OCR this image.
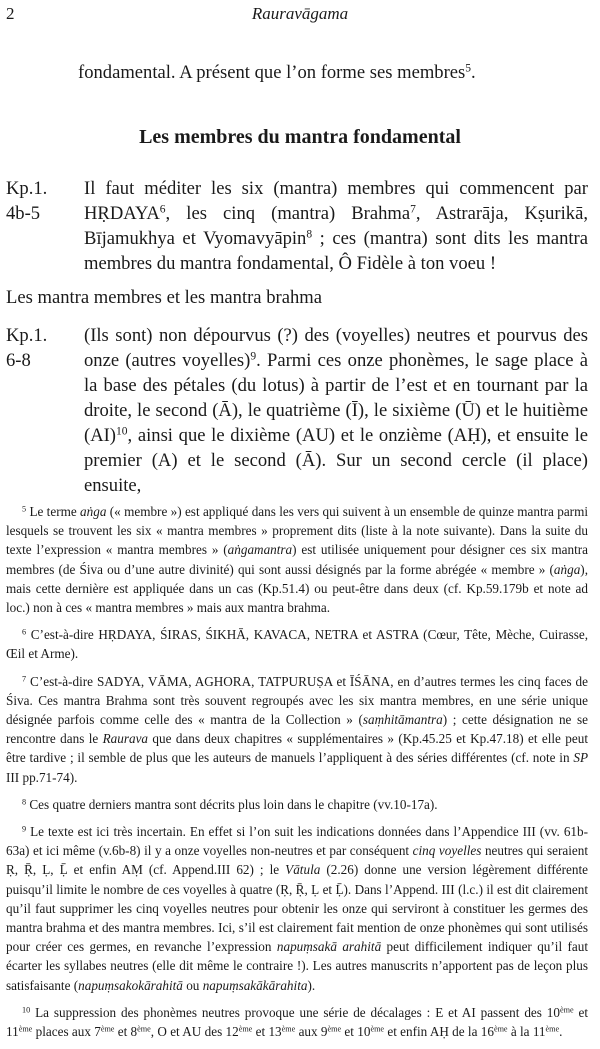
2	Rauravāgama
fondamental. A présent que l’on forme ses membres$^5$.
Les membres du mantra fondamental
Kp.1.
4b-5
Il faut méditer les six (mantra) membres qui commencent par HṚDAYA$^6$, les cinq (mantra) Brahma$^7$, Astrarāja, Kṣurikā, Bījamukhya et Vyomavyāpin$^8$ ; ces (mantra) sont dits les mantra membres du mantra fondamental, Ô Fidèle à ton voeu !
Les mantra membres et les mantra brahma
Kp.1.
6-8
(Ils sont) non dépourvus (?) des (voyelles) neutres et pourvus des onze (autres voyelles)$^9$. Parmi ces onze phonèmes, le sage place à la base des pétales (du lotus) à partir de l’est et en tournant par la droite, le second (Ā), le quatrième (Ī), le sixième (Ū) et le huitième (AI)$^{10}$, ainsi que le dixième (AU) et le onzième (AḤ), et ensuite le premier (A) et le second (Ā). Sur un second cercle (il place) ensuite,

$^5$ Le terme aṅga (« membre ») est appliqué dans les vers qui suivent à un ensemble de quinze mantra parmi lesquels se trouvent les six « mantra membres » proprement dits (liste à la note suivante). Dans la suite du texte l’expression « mantra membres » (aṅgamantra) est utilisée uniquement pour désigner ces six mantra membres (de Śiva ou d’une autre divinité) qui sont aussi désignés par la forme abrégée « membre » (aṅga), mais cette dernière est appliquée dans un cas (Kp.51.4) ou peut-être dans deux (cf. Kp.59.179b et note ad loc.) non à ces « mantra membres » mais aux mantra brahma.

$^6$ C’est-à-dire HṚDAYA, ŚIRAS, ŚIKHĀ, KAVACA, NETRA et ASTRA (Cœur, Tête, Mèche, Cuirasse, Œil et Arme).

$^7$ C’est-à-dire SADYA, VĀMA, AGHORA, TATPURUṢA et ĪŚĀNA, en d’autres termes les cinq faces de Śiva. Ces mantra Brahma sont très souvent regroupés avec les six mantra membres, en une série unique désignée parfois comme celle des « mantra de la Collection » (saṃhitāmantra) ; cette désignation ne se rencontre dans le Raurava que dans deux chapitres « supplémentaires » (Kp.45.25 et Kp.47.18) et elle peut être tardive ; il semble de plus que les auteurs de manuels l’appliquent à des séries différentes (cf. note in SP III pp.71-74).

$^8$ Ces quatre derniers mantra sont décrits plus loin dans le chapitre (vv.10-17a).

$^9$ Le texte est ici très incertain. En effet si l’on suit les indications données dans l’Appendice III (vv. 61b-63a) et ici même (v.6b-8) il y a onze voyelles non-neutres et par conséquent cinq voyelles neutres qui seraient Ṛ, Ṝ, Ḷ, Ḹ et enfin AṂ (cf. Append.III 62) ; le Vātula (2.26) donne une version légèrement différente puisqu’il limite le nombre de ces voyelles à quatre (Ṛ, Ṝ, Ḷ et Ḹ). Dans l’Append. III (l.c.) il est dit clairement qu’il faut supprimer les cinq voyelles neutres pour obtenir les onze qui serviront à constituer les germes des mantra brahma et des mantra membres. Ici, s’il est clairement fait mention de onze phonèmes qui sont utilisés pour créer ces germes, en revanche l’expression napuṃsakā arahitā peut difficilement indiquer qu’il faut écarter les syllabes neutres (elle dit même le contraire !). Les autres manuscrits n’apportent pas de leçon plus satisfaisante (napuṃsakokārahitā ou napuṃsakākārahita).

$^{10}$ La suppression des phonèmes neutres provoque une série de décalages : E et AI passent des 10ème et 11ème places aux 7ème et 8ème, O et AU des 12ème et 13ème aux 9ème et 10ème et enfin AḤ de la 16ème à la 11ème.
